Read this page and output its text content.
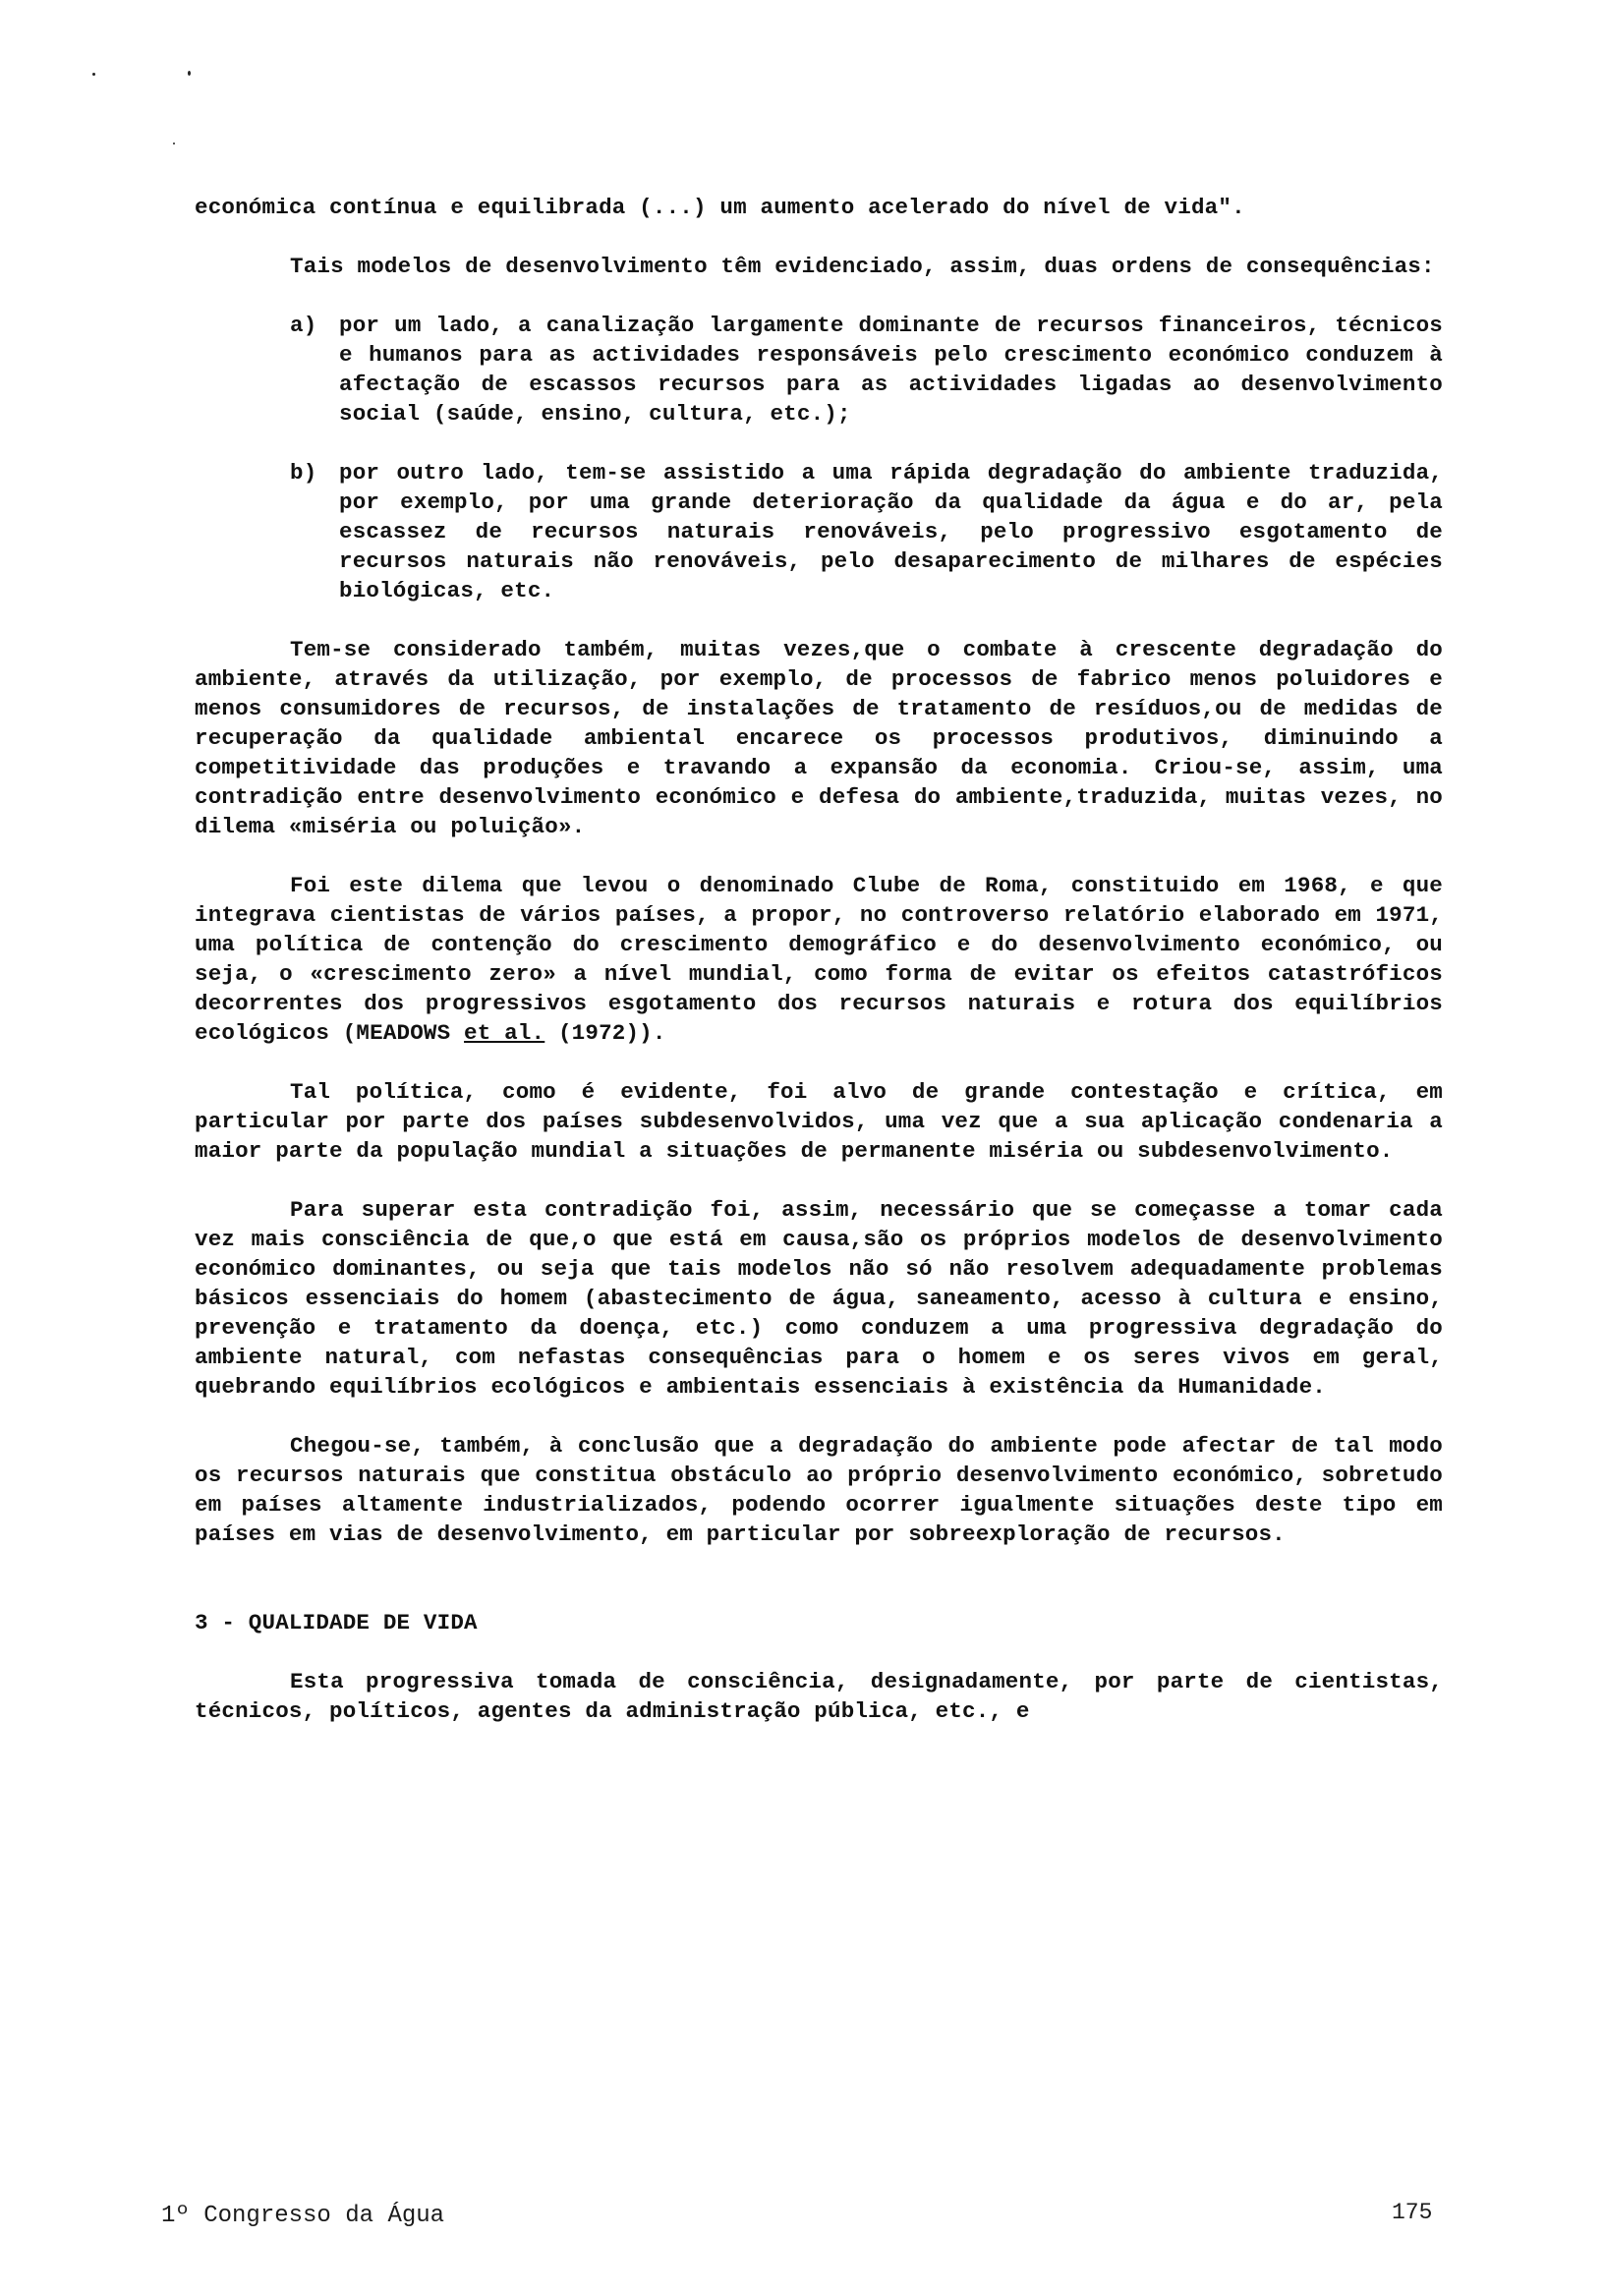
económica contínua e equilibrada (...) um aumento acelerado do nível de vida".

Tais modelos de desenvolvimento têm evidenciado, assim, duas ordens de consequências:

a)	por um lado, a canalização largamente dominante de recursos financeiros, técnicos e humanos para as actividades responsáveis pelo crescimento económico conduzem à afectação de escassos recursos para as actividades ligadas ao desenvolvimento social (saúde, ensino, cultura, etc.);
b)	por outro lado, tem-se assistido a uma rápida degradação do ambiente traduzida, por exemplo, por uma grande deterioração da qualidade da água e do ar, pela escassez de recursos naturais renováveis, pelo progressivo esgotamento de recursos naturais não renováveis, pelo desaparecimento de milhares de espécies biológicas, etc.

Tem-se considerado também, muitas vezes,que o combate à crescente degradação do ambiente, através da utilização, por exemplo, de processos de fabrico menos poluidores e menos consumidores de recursos, de instalações de tratamento de resíduos,ou de medidas de recuperação da qualidade ambiental encarece os processos produtivos, diminuindo a competitividade das produções e travando a expansão da economia. Criou-se, assim, uma contradição entre desenvolvimento económico e defesa do ambiente,traduzida, muitas vezes, no dilema «miséria ou poluição».

Foi este dilema que levou o denominado Clube de Roma, constituido em 1968, e que integrava cientistas de vários países, a propor, no controverso relatório elaborado em 1971, uma política de contenção do crescimento demográfico e do desenvolvimento económico, ou seja, o «crescimento zero» a nível mundial, como forma de evitar os efeitos catastróficos decorrentes dos progressivos esgotamento dos recursos naturais e rotura dos equilíbrios ecológicos (MEADOWS et al. (1972)).

Tal política, como é evidente, foi alvo de grande contestação e crítica, em particular por parte dos países subdesenvolvidos, uma vez que a sua aplicação condenaria a maior parte da população mundial a situações de permanente miséria ou subdesenvolvimento.

Para superar esta contradição foi, assim, necessário que se começasse a tomar cada vez mais consciência de que,o que está em causa,são os próprios modelos de desenvolvimento económico dominantes, ou seja que tais modelos não só não resolvem adequadamente problemas básicos essenciais do homem (abastecimento de água, saneamento, acesso à cultura e ensino, prevenção e tratamento da doença, etc.) como conduzem a uma progressiva degradação do ambiente natural, com nefastas consequências para o homem e os seres vivos em geral, quebrando equilíbrios ecológicos e ambientais essenciais à existência da Humanidade.

Chegou-se, também, à conclusão que a degradação do ambiente pode afectar de tal modo os recursos naturais que constitua obstáculo ao próprio desenvolvimento económico, sobretudo em países altamente industrializados, podendo ocorrer igualmente situações deste tipo em países em vias de desenvolvimento, em particular por sobreexploração de recursos.

3 - QUALIDADE DE VIDA

Esta progressiva tomada de consciência, designadamente, por parte de cientistas, técnicos, políticos, agentes da administração pública, etc., e

1º Congresso da Água	175
